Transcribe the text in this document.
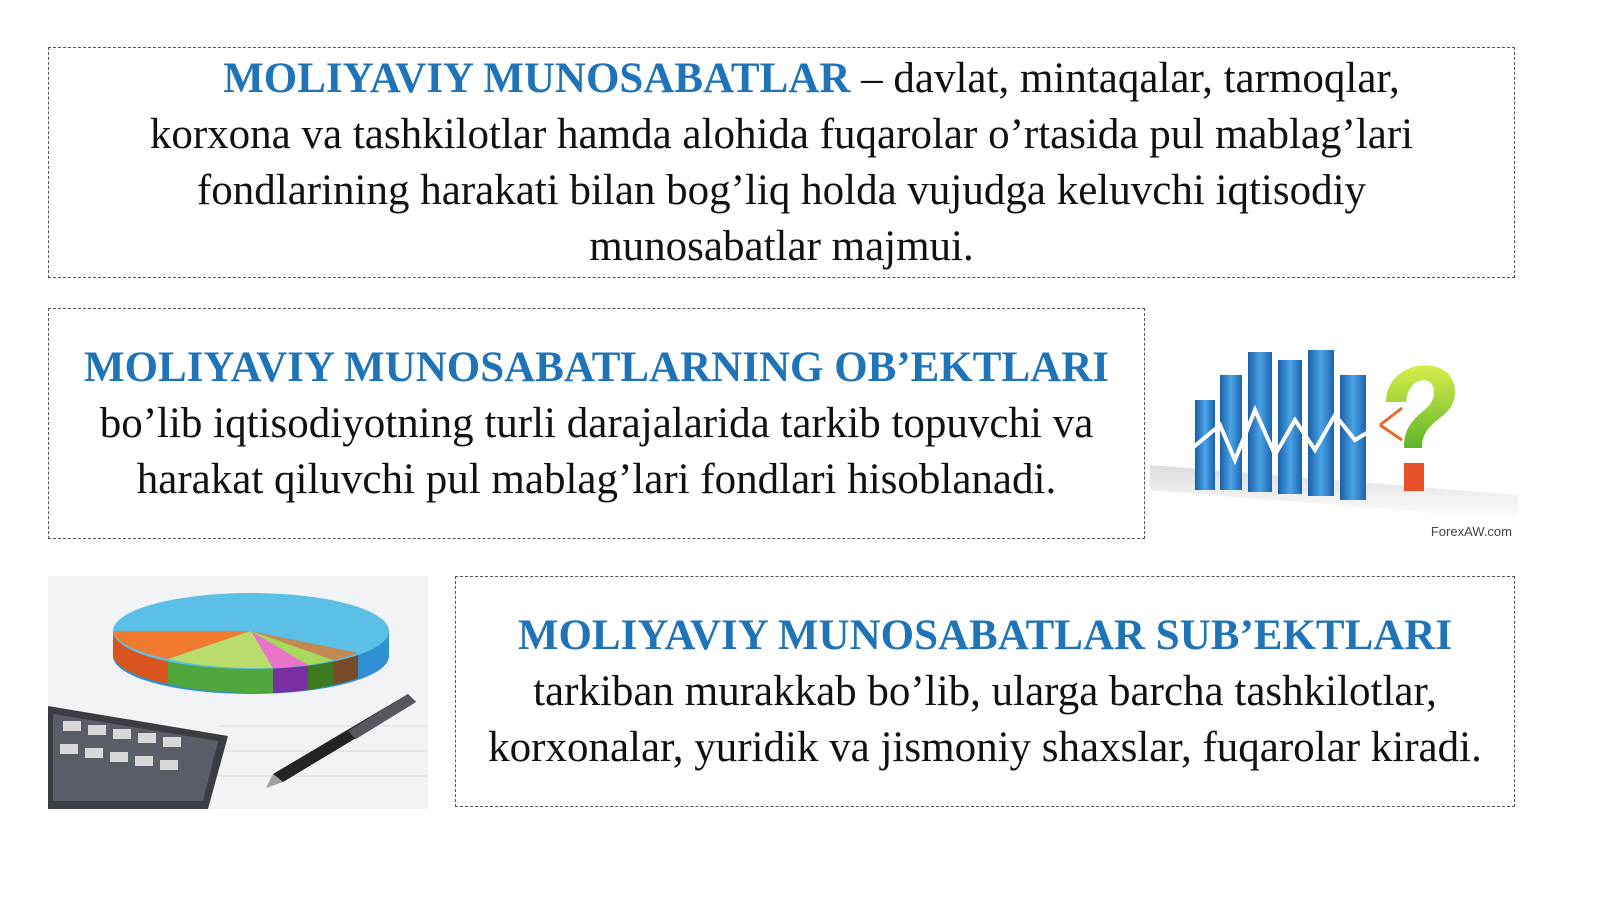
MOLIYAVIY MUNOSABATLAR – davlat, mintaqalar, tarmoqlar, korxona va tashkilotlar hamda alohida fuqarolar o’rtasida pul mablag’lari fondlarining harakati bilan bog’liq holda vujudga keluvchi iqtisodiy munosabatlar majmui.

MOLIYAVIY MUNOSABATLARNING OB’EKTLARI bo’lib iqtisodiyotning turli darajalarida tarkib topuvchi va harakat qiluvchi pul mablag’lari fondlari hisoblanadi.

ForexAW.com

MOLIYAVIY MUNOSABATLAR SUB’EKTLARI
tarkiban murakkab bo’lib, ularga barcha tashkilotlar, korxonalar, yuridik va jismoniy shaxslar, fuqarolar kiradi.
